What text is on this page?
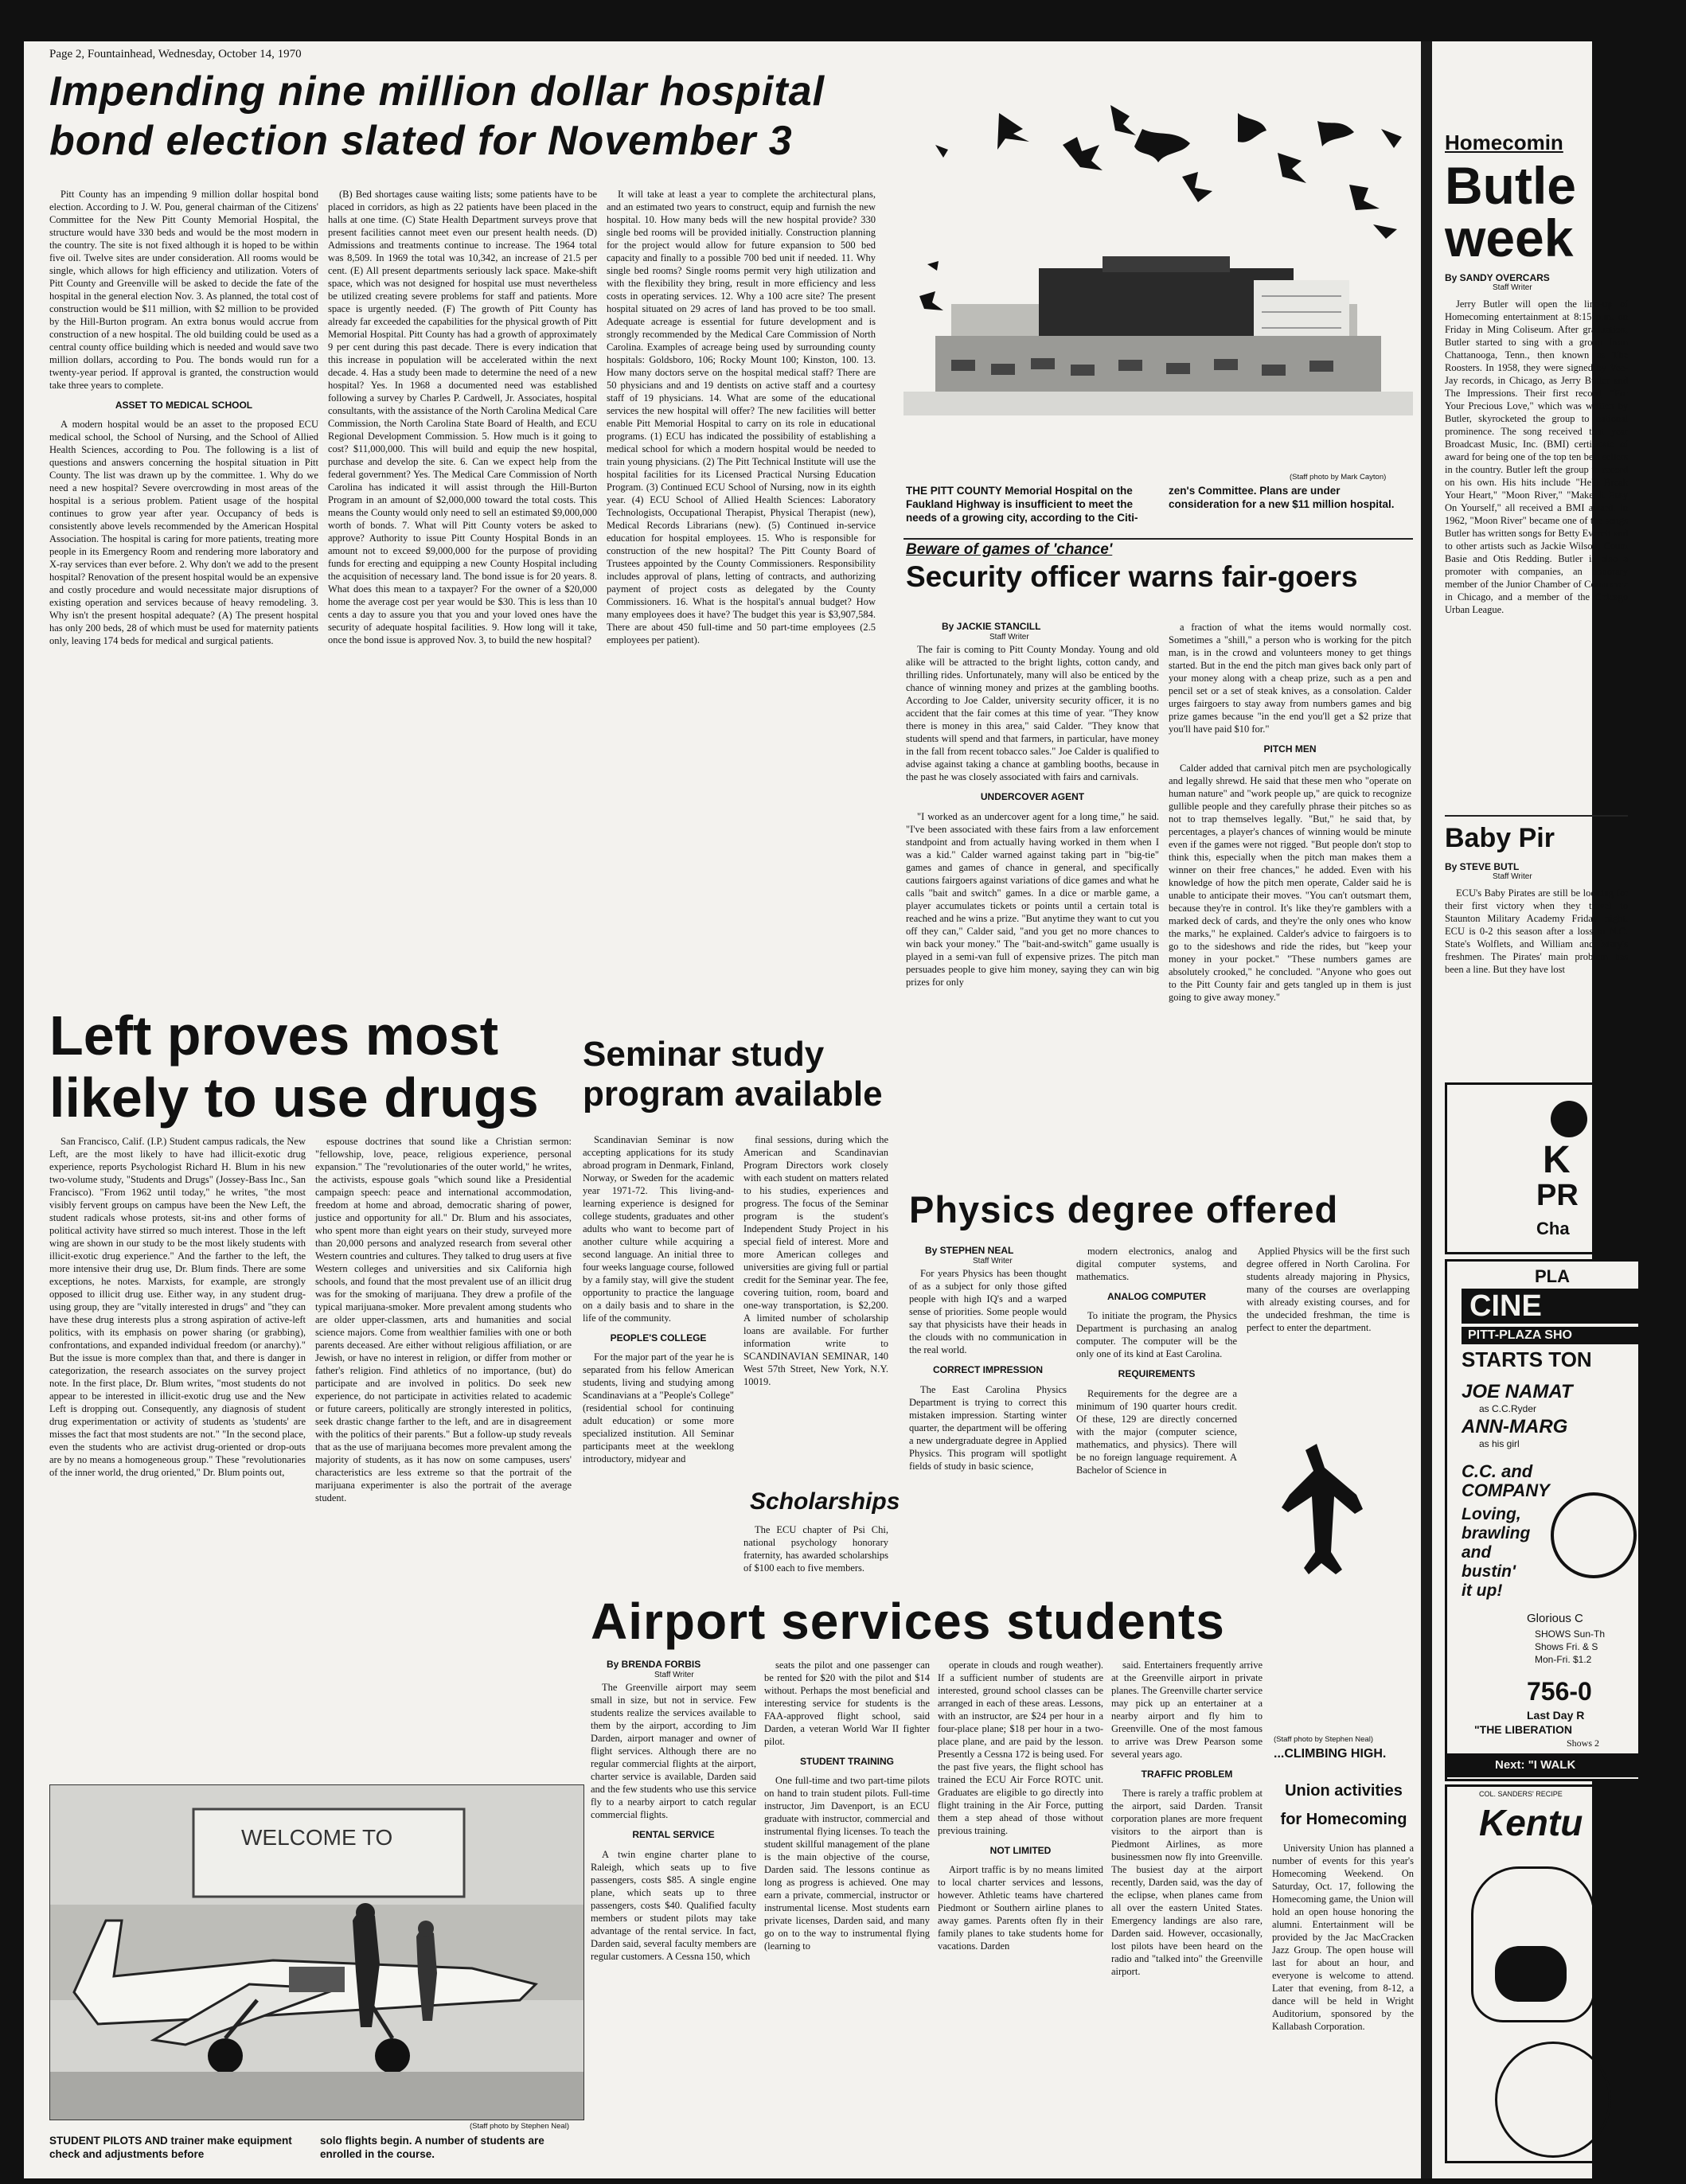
Page 2, Fountainhead, Wednesday, October 14, 1970
Impending nine million dollar hospital
bond election slated for November 3

Pitt County has an impending 9 million dollar hospital bond election. According to J. W. Pou, general chairman of the Citizens' Committee for the New Pitt County Memorial Hospital, the structure would have 330 beds and would be the most modern in the country. The site is not fixed although it is hoped to be within five oil. Twelve sites are under consideration. All rooms would be single, which allows for high efficiency and utilization. Voters of Pitt County and Greenville will be asked to decide the fate of the hospital in the general election Nov. 3. As planned, the total cost of construction would be $11 million, with $2 million to be provided by the Hill-Burton program. An extra bonus would accrue from construction of a new hospital. The old building could be used as a central county office building which is needed and would save two million dollars, according to Pou. The bonds would run for a twenty-year period. If approval is granted, the construction would take three years to complete.

ASSET TO MEDICAL SCHOOL

A modern hospital would be an asset to the proposed ECU medical school, the School of Nursing, and the School of Allied Health Sciences, according to Pou. The following is a list of questions and answers concerning the hospital situation in Pitt County. The list was drawn up by the committee. 1. Why do we need a new hospital? Severe overcrowding in most areas of the hospital is a serious problem. Patient usage of the hospital continues to grow year after year. Occupancy of beds is consistently above levels recommended by the American Hospital Association. The hospital is caring for more patients, treating more people in its Emergency Room and rendering more laboratory and X-ray services than ever before. 2. Why don't we add to the present hospital? Renovation of the present hospital would be an expensive and costly procedure and would necessitate major disruptions of existing operation and services because of heavy remodeling. 3. Why isn't the present hospital adequate? (A) The present hospital has only 200 beds, 28 of which must be used for maternity patients only, leaving 174 beds for medical and surgical patients.

(B) Bed shortages cause waiting lists; some patients have to be placed in corridors, as high as 22 patients have been placed in the halls at one time. (C) State Health Department surveys prove that present facilities cannot meet even our present health needs. (D) Admissions and treatments continue to increase. The 1964 total was 8,509. In 1969 the total was 10,342, an increase of 21.5 per cent. (E) All present departments seriously lack space. Make-shift space, which was not designed for hospital use must nevertheless be utilized creating severe problems for staff and patients. More space is urgently needed. (F) The growth of Pitt County has already far exceeded the capabilities for the physical growth of Pitt Memorial Hospital. Pitt County has had a growth of approximately 9 per cent during this past decade. There is every indication that this increase in population will be accelerated within the next decade. 4. Has a study been made to determine the need of a new hospital? Yes. In 1968 a documented need was established following a survey by Charles P. Cardwell, Jr. Associates, hospital consultants, with the assistance of the North Carolina Medical Care Commission, the North Carolina State Board of Health, and ECU Regional Development Commission. 5. How much is it going to cost? $11,000,000. This will build and equip the new hospital, purchase and develop the site. 6. Can we expect help from the federal government? Yes. The Medical Care Commission of North Carolina has indicated it will assist through the Hill-Burton Program in an amount of $2,000,000 toward the total costs. This means the County would only need to sell an estimated $9,000,000 worth of bonds. 7. What will Pitt County voters be asked to approve? Authority to issue Pitt County Hospital Bonds in an amount not to exceed $9,000,000 for the purpose of providing funds for erecting and equipping a new County Hospital including the acquisition of necessary land. The bond issue is for 20 years. 8. What does this mean to a taxpayer? For the owner of a $20,000 home the average cost per year would be $30. This is less than 10 cents a day to assure you that you and your loved ones have the security of adequate hospital facilities. 9. How long will it take, once the bond issue is approved Nov. 3, to build the new hospital?

It will take at least a year to complete the architectural plans, and an estimated two years to construct, equip and furnish the new hospital. 10. How many beds will the new hospital provide? 330 single bed rooms will be provided initially. Construction planning for the project would allow for future expansion to 500 bed capacity and finally to a possible 700 bed unit if needed. 11. Why single bed rooms? Single rooms permit very high utilization and with the flexibility they bring, result in more efficiency and less costs in operating services. 12. Why a 100 acre site? The present hospital situated on 29 acres of land has proved to be too small. Adequate acreage is essential for future development and is strongly recommended by the Medical Care Commission of North Carolina. Examples of acreage being used by surrounding county hospitals: Goldsboro, 106; Rocky Mount 100; Kinston, 100. 13. How many doctors serve on the hospital medical staff? There are 50 physicians and and 19 dentists on active staff and a courtesy staff of 19 physicians. 14. What are some of the educational services the new hospital will offer? The new facilities will better enable Pitt Memorial Hospital to carry on its role in educational programs. (1) ECU has indicated the possibility of establishing a medical school for which a modern hospital would be needed to train young physicians. (2) The Pitt Technical Institute will use the hospital facilities for its Licensed Practical Nursing Education Program. (3) Continued ECU School of Nursing, now in its eighth year. (4) ECU School of Allied Health Sciences: Laboratory Technologists, Occupational Therapist, Physical Therapist (new), Medical Records Librarians (new). (5) Continued in-service education for hospital employees. 15. Who is responsible for construction of the new hospital? The Pitt County Board of Trustees appointed by the County Commissioners. Responsibility includes approval of plans, letting of contracts, and authorizing payment of project costs as delegated by the County Commissioners. 16. What is the hospital's annual budget? How many employees does it have? The budget this year is $3,907,584. There are about 450 full-time and 50 part-time employees (2.5 employees per patient).

(Staff photo by Mark Cayton)
THE PITT COUNTY Memorial Hospital on the Faukland Highway is insufficient to meet the needs of a growing city, according to the Citi-
zen's Committee. Plans are under consideration for a new $11 million hospital.
Beware of games of 'chance'
Security officer warns fair-goers
By JACKIE STANCILL
Staff Writer

The fair is coming to Pitt County Monday. Young and old alike will be attracted to the bright lights, cotton candy, and thrilling rides. Unfortunately, many will also be enticed by the chance of winning money and prizes at the gambling booths. According to Joe Calder, university security officer, it is no accident that the fair comes at this time of year. "They know there is money in this area," said Calder. "They know that students will spend and that farmers, in particular, have money in the fall from recent tobacco sales." Joe Calder is qualified to advise against taking a chance at gambling booths, because in the past he was closely associated with fairs and carnivals.

UNDERCOVER AGENT

"I worked as an undercover agent for a long time," he said. "I've been associated with these fairs from a law enforcement standpoint and from actually having worked in them when I was a kid." Calder warned against taking part in "big-tie" games and games of chance in general, and specifically cautions fairgoers against variations of dice games and what he calls "bait and switch" games. In a dice or marble game, a player accumulates tickets or points until a certain total is reached and he wins a prize. "But anytime they want to cut you off they can," Calder said, "and you get no more chances to win back your money." The "bait-and-switch" game usually is played in a semi-van full of expensive prizes. The pitch man persuades people to give him money, saying they can win big prizes for only

a fraction of what the items would normally cost. Sometimes a "shill," a person who is working for the pitch man, is in the crowd and volunteers money to get things started. But in the end the pitch man gives back only part of your money along with a cheap prize, such as a pen and pencil set or a set of steak knives, as a consolation. Calder urges fairgoers to stay away from numbers games and big prize games because "in the end you'll get a $2 prize that you'll have paid $10 for."

PITCH MEN

Calder added that carnival pitch men are psychologically and legally shrewd. He said that these men who "operate on human nature" and "work people up," are quick to recognize gullible people and they carefully phrase their pitches so as not to trap themselves legally. "But," he said that, by percentages, a player's chances of winning would be minute even if the games were not rigged. "But people don't stop to think this, especially when the pitch man makes them a winner on their free chances," he added. Even with his knowledge of how the pitch men operate, Calder said he is unable to anticipate their moves. "You can't outsmart them, because they're in control. It's like they're gamblers with a marked deck of cards, and they're the only ones who know the marks," he explained. Calder's advice to fairgoers is to go to the sideshows and ride the rides, but "keep your money in your pocket." "These numbers games are absolutely crooked," he concluded. "Anyone who goes out to the Pitt County fair and gets tangled up in them is just going to give away money."

Left proves most
likely to use drugs

San Francisco, Calif. (I.P.) Student campus radicals, the New Left, are the most likely to have had illicit-exotic drug experience, reports Psychologist Richard H. Blum in his new two-volume study, "Students and Drugs" (Jossey-Bass Inc., San Francisco). "From 1962 until today," he writes, "the most visibly fervent groups on campus have been the New Left, the student radicals whose protests, sit-ins and other forms of political activity have stirred so much interest. Those in the left wing are shown in our study to be the most likely students with illicit-exotic drug experience." And the farther to the left, the more intensive their drug use, Dr. Blum finds. There are some exceptions, he notes. Marxists, for example, are strongly opposed to illicit drug use. Either way, in any student drug-using group, they are "vitally interested in drugs" and "they can have these drug interests plus a strong aspiration of active-left politics, with its emphasis on power sharing (or grabbing), confrontations, and expanded individual freedom (or anarchy)." But the issue is more complex than that, and there is danger in categorization, the research associates on the survey project note. In the first place, Dr. Blum writes, "most students do not appear to be interested in illicit-exotic drug use and the New Left is dropping out. Consequently, any diagnosis of student drug experimentation or activity of students as 'students' are misses the fact that most students are not." "In the second place, even the students who are activist drug-oriented or drop-outs are by no means a homogeneous group." These "revolutionaries of the inner world, the drug oriented," Dr. Blum points out,

espouse doctrines that sound like a Christian sermon: "fellowship, love, peace, religious experience, personal expansion." The "revolutionaries of the outer world," he writes, the activists, espouse goals "which sound like a Presidential campaign speech: peace and international accommodation, freedom at home and abroad, democratic sharing of power, justice and opportunity for all." Dr. Blum and his associates, who spent more than eight years on their study, surveyed more than 20,000 persons and analyzed research from several other Western countries and cultures. They talked to drug users at five Western colleges and universities and six California high schools, and found that the most prevalent use of an illicit drug was for the smoking of marijuana. They drew a profile of the typical marijuana-smoker. More prevalent among students who are older upper-classmen, arts and humanities and social science majors. Come from wealthier families with one or both parents deceased. Are either without religious affiliation, or are Jewish, or have no interest in religion, or differ from mother or father's religion. Find athletics of no importance, (but) do participate and are involved in politics. Do seek new experience, do not participate in activities related to academic or future careers, politically are strongly interested in politics, seek drastic change farther to the left, and are in disagreement with the politics of their parents." But a follow-up study reveals that as the use of marijuana becomes more prevalent among the majority of students, as it has now on some campuses, users' characteristics are less extreme so that the portrait of the marijuana experimenter is also the portrait of the average student.

Seminar study
program available

Scandinavian Seminar is now accepting applications for its study abroad program in Denmark, Finland, Norway, or Sweden for the academic year 1971-72. This living-and-learning experience is designed for college students, graduates and other adults who want to become part of another culture while acquiring a second language. An initial three to four weeks language course, followed by a family stay, will give the student opportunity to practice the language on a daily basis and to share in the life of the community.

PEOPLE'S COLLEGE

For the major part of the year he is separated from his fellow American students, living and studying among Scandinavians at a "People's College" (residential school for continuing adult education) or some more specialized institution. All Seminar participants meet at the weeklong introductory, midyear and

final sessions, during which the American and Scandinavian Program Directors work closely with each student on matters related to his studies, experiences and progress. The focus of the Seminar program is the student's Independent Study Project in his special field of interest. More and more American colleges and universities are giving full or partial credit for the Seminar year. The fee, covering tuition, room, board and one-way transportation, is $2,200. A limited number of scholarship loans are available. For further information write to SCANDINAVIAN SEMINAR, 140 West 57th Street, New York, N.Y. 10019.

Scholarships

The ECU chapter of Psi Chi, national psychology honorary fraternity, has awarded scholarships of $100 each to five members.

Physics degree offered
By STEPHEN NEAL
Staff Writer

For years Physics has been thought of as a subject for only those gifted people with high IQ's and a warped sense of priorities. Some people would say that physicists have their heads in the clouds with no communication in the real world.

CORRECT IMPRESSION

The East Carolina Physics Department is trying to correct this mistaken impression. Starting winter quarter, the department will be offering a new undergraduate degree in Applied Physics. This program will spotlight fields of study in basic science,

modern electronics, analog and digital computer systems, and mathematics.

ANALOG COMPUTER

To initiate the program, the Physics Department is purchasing an analog computer. The computer will be the only one of its kind at East Carolina.

REQUIREMENTS

Requirements for the degree are a minimum of 190 quarter hours credit. Of these, 129 are directly concerned with the major (computer science, mathematics, and physics). There will be no foreign language requirement. A Bachelor of Science in

Applied Physics will be the first such degree offered in North Carolina. For students already majoring in Physics, many of the courses are overlapping with already existing courses, and for the undecided freshman, the time is perfect to enter the department.

Airport services students
By BRENDA FORBIS
Staff Writer

The Greenville airport may seem small in size, but not in service. Few students realize the services available to them by the airport, according to Jim Darden, airport manager and owner of flight services. Although there are no regular commercial flights at the airport, charter service is available, Darden said and the few students who use this service fly to a nearby airport to catch regular commercial flights.

RENTAL SERVICE

A twin engine charter plane to Raleigh, which seats up to five passengers, costs $85. A single engine plane, which seats up to three passengers, costs $40. Qualified faculty members or student pilots may take advantage of the rental service. In fact, Darden said, several faculty members are regular customers. A Cessna 150, which

seats the pilot and one passenger can be rented for $20 with the pilot and $14 without. Perhaps the most beneficial and interesting service for students is the FAA-approved flight school, said Darden, a veteran World War II fighter pilot.

STUDENT TRAINING

One full-time and two part-time pilots on hand to train student pilots. Full-time instructor, Jim Davenport, is an ECU graduate with instructor, commercial and instrumental flying licenses. To teach the student skillful management of the plane is the main objective of the course, Darden said. The lessons continue as long as progress is achieved. One may earn a private, commercial, instructor or instrumental license. Most students earn private licenses, Darden said, and many go on to the way to instrumental flying (learning to

operate in clouds and rough weather). If a sufficient number of students are interested, ground school classes can be arranged in each of these areas. Lessons, with an instructor, are $24 per hour in a four-place plane; $18 per hour in a two-place plane, and are paid by the lesson. Presently a Cessna 172 is being used. For the past five years, the flight school has trained the ECU Air Force ROTC unit. Graduates are eligible to go directly into flight training in the Air Force, putting them a step ahead of those without previous training.

NOT LIMITED

Airport traffic is by no means limited to local charter services and lessons, however. Athletic teams have chartered Piedmont or Southern airline planes to away games. Parents often fly in their family planes to take students home for vacations. Darden

said. Entertainers frequently arrive at the Greenville airport in private planes. The Greenville charter service may pick up an entertainer at a nearby airport and fly him to Greenville. One of the most famous to arrive was Drew Pearson some several years ago.

TRAFFIC PROBLEM

There is rarely a traffic problem at the airport, said Darden. Transit corporation planes are more frequent visitors to the airport than is Piedmont Airlines, as more businessmen now fly into Greenville. The busiest day at the airport recently, Darden said, was the day of the eclipse, when planes came from all over the eastern United States. Emergency landings are also rare, Darden said. However, occasionally, lost pilots have been heard on the radio and "talked into" the Greenville airport.

(Staff photo by Stephen Neal)
...CLIMBING HIGH.
Union activities
for Homecoming

University Union has planned a number of events for this year's Homecoming Weekend. On Saturday, Oct. 17, following the Homecoming game, the Union will hold an open house honoring the alumni. Entertainment will be provided by the Jac MacCracken Jazz Group. The open house will last for about an hour, and everyone is welcome to attend. Later that evening, from 8-12, a dance will be held in Wright Auditorium, sponsored by the Kallabash Corporation.

WELCOME TO
(Staff photo by Stephen Neal)
STUDENT PILOTS AND trainer make equipment check and adjustments before
solo flights begin. A number of students are enrolled in the course.
Homecomin
Butle
week
By SANDY OVERCARS
Staff Writer

Jerry Butler will open the line-up of Homecoming entertainment at 8:15 p.m. on Friday in Ming Coliseum. After graduation, Butler started to sing with a group from Chattanooga, Tenn., then known as The Roosters. In 1958, they were signed by Vee-Jay records, in Chicago, as Jerry Butler and The Impressions. Their first record, "For Your Precious Love," which was written by Butler, skyrocketed the group to national prominence. The song received that year Broadcast Music, Inc. (BMI) certificate of award for being one of the top ten best sellers in the country. Butler left the group to record on his own. His hits include "He'll Break Your Heart," "Moon River," "Make It Easy On Yourself," all received a BMI award. In 1962, "Moon River" became one of the songs Butler has written songs for Betty Everett and to other artists such as Jackie Wilson, Count Basie and Otis Redding. Butler is also a promoter with companies, an honorary member of the Junior Chamber of Commerce in Chicago, and a member of the Chicago Urban League.

Baby Pir
By STEVE BUTL
Staff Writer

ECU's Baby Pirates are still be looking for their first victory when they travel to Staunton Military Academy Friday night. ECU is 0-2 this season after a loss to N.C. State's Wolflets, and William and Mary's freshmen. The Pirates' main problem has been a line. But they have lost

K
PR
Cha
PLA
CINE
PITT-PLAZA SHO
STARTS TON
JOE NAMAT
as C.C.Ryder
ANN-MARG
as his girl
C.C. and
COMPANY
Loving,
brawling
and
bustin'
it up!
Glorious C
SHOWS Sun-Th
Shows Fri. & S
Mon-Fri. $1.2
756-0
Last Day R
"THE LIBERATION
Shows 2
Next: "I WALK
COL. SANDERS' RECIPE
Kentu
